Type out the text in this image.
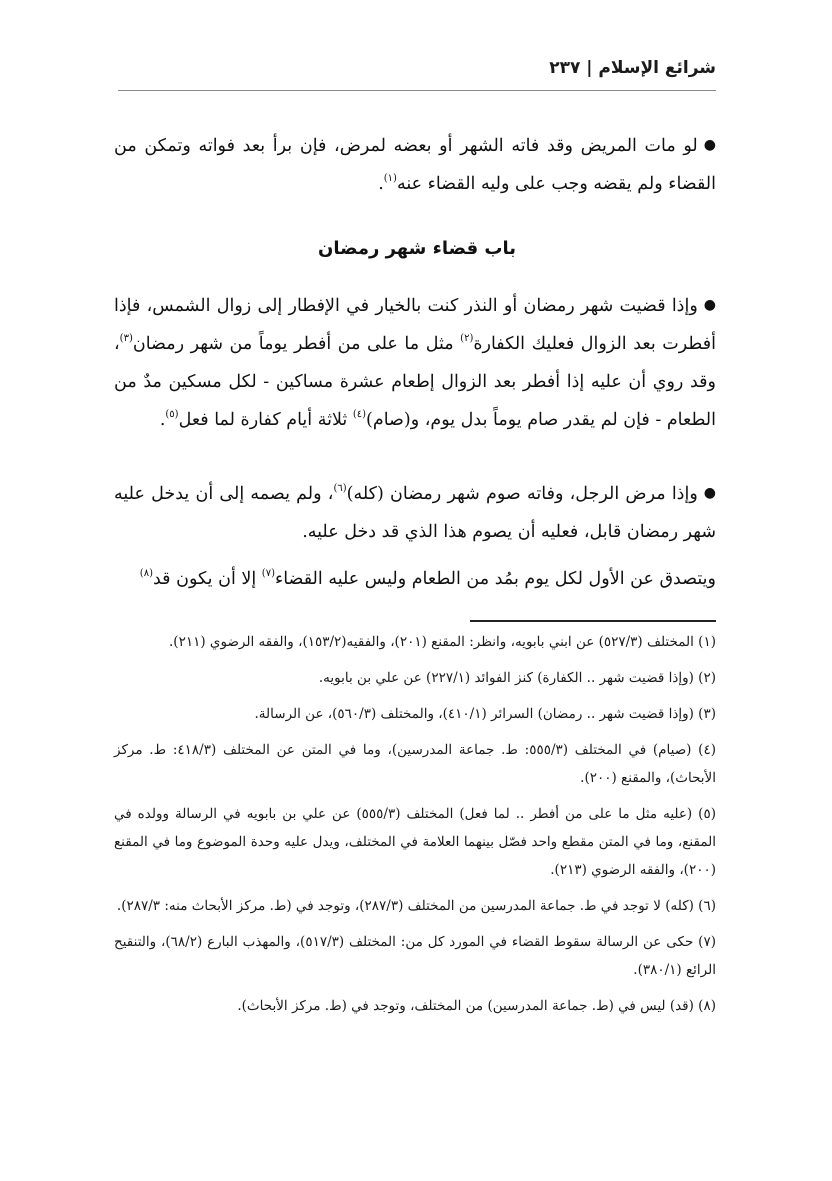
شرائع الإسلام | ٢٣٧

●لو مات المريض وقد فاته الشهر أو بعضه لمرض، فإن برأ بعد فواته وتمكن من القضاء ولم يقضه وجب على وليه القضاء عنه$^{(١)}$.

باب قضاء شهر رمضان

●وإذا قضيت شهر رمضان أو النذر كنت بالخيار في الإفطار إلى زوال الشمس، فإذا أفطرت بعد الزوال فعليك الكفارة$^{(٢)}$ مثل ما على من أفطر يوماً من شهر رمضان$^{(٣)}$، وقد روي أن عليه إذا أفطر بعد الزوال إطعام عشرة مساكين - لكل مسكين مدٌ من الطعام - فإن لم يقدر صام يوماً بدل يوم، و(صام)$^{(٤)}$ ثلاثة أيام كفارة لما فعل$^{(٥)}$.

●وإذا مرض الرجل، وفاته صوم شهر رمضان (كله)$^{(٦)}$، ولم يصمه إلى أن يدخل عليه شهر رمضان قابل، فعليه أن يصوم هذا الذي قد دخل عليه.

ويتصدق عن الأول لكل يوم بمُد من الطعام وليس عليه القضاء$^{(٧)}$ إلا أن يكون قد$^{(٨)}$

(١) المختلف (٥٢٧/٣) عن ابني بابويه، وانظر: المقنع (٢٠١)، والفقيه(١٥٣/٢)، والفقه الرضوي (٢١١).

(٢) (وإذا قضيت شهر .. الكفارة) كنز الفوائد (٢٢٧/١) عن علي بن بابويه.

(٣) (وإذا قضيت شهر .. رمضان) السرائر (٤١٠/١)، والمختلف (٥٦٠/٣)، عن الرسالة.

(٤) (صيام) في المختلف (٥٥٥/٣: ط. جماعة المدرسين)، وما في المتن عن المختلف (٤١٨/٣: ط. مركز الأبحاث)، والمقنع (٢٠٠).

(٥) (عليه مثل ما على من أفطر .. لما فعل) المختلف (٥٥٥/٣) عن علي بن بابويه في الرسالة وولده في المقنع، وما في المتن مقطع واحد فصّل بينهما العلامة في المختلف، ويدل عليه وحدة الموضوع وما في المقنع (٢٠٠)، والفقه الرضوي (٢١٣).

(٦) (كله) لا توجد في ط. جماعة المدرسين من المختلف (٢٨٧/٣)، وتوجد في (ط. مركز الأبحاث منه: ٢٨٧/٣).

(٧) حكى عن الرسالة سقوط القضاء في المورد كل من: المختلف (٥١٧/٣)، والمهذب البارع (٦٨/٢)، والتنقيح الرائع (٣٨٠/١).

(٨) (قد) ليس في (ط. جماعة المدرسين) من المختلف، وتوجد في (ط. مركز الأبحاث).
